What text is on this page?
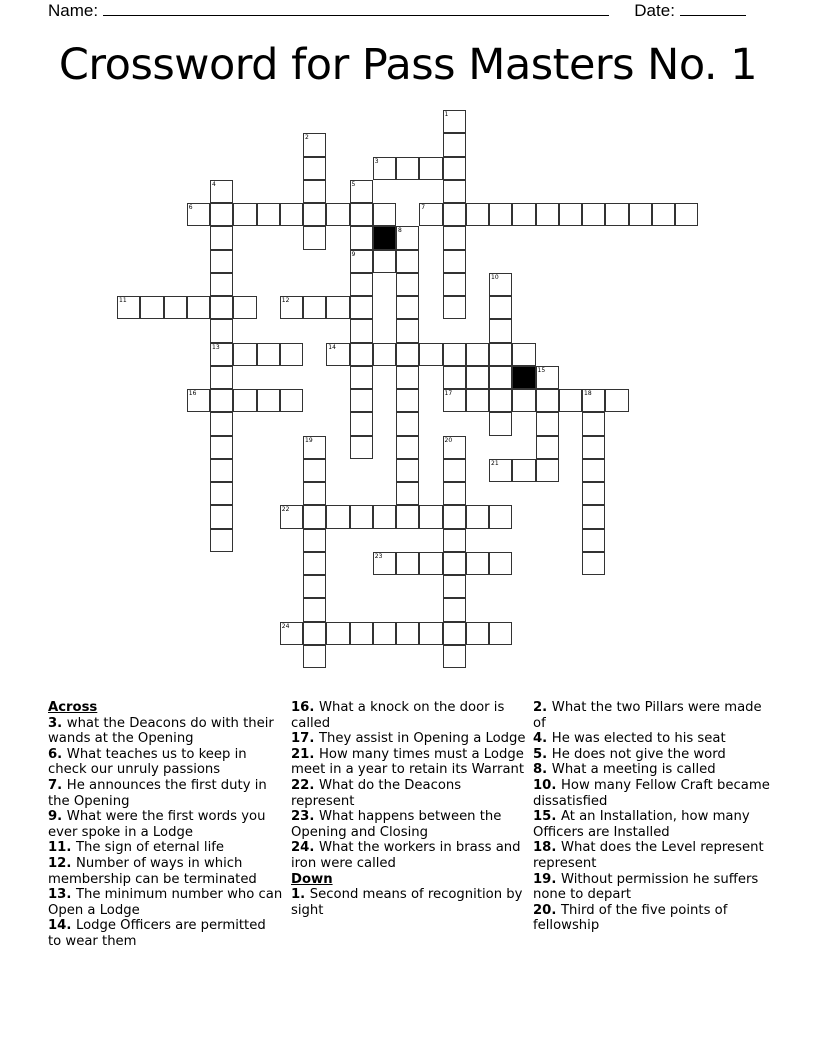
Name:	Date:
Crossword for Pass Masters No. 1
1
2
3
4
13
5
9
6	7
8
10
11	12
14
15
16	17	18
19	20
21
22
23
24
Across
3. what the Deacons do with their wands at the Opening
6. What teaches us to keep in check our unruly passions
7. He announces the first duty in the Opening
9. What were the first words you ever spoke in a Lodge
11. The sign of eternal life
12. Number of ways in which membership can be terminated
13. The minimum number who can Open a Lodge
14. Lodge Officers are permitted to wear them
16. What a knock on the door is called
17. They assist in Opening a Lodge
21. How many times must a Lodge meet in a year to retain its Warrant
22. What do the Deacons represent
23. What happens between the Opening and Closing
24. What the workers in brass and iron were called
Down
1. Second means of recognition by sight
2. What the two Pillars were made of
4. He was elected to his seat
5. He does not give the word
8. What a meeting is called
10. How many Fellow Craft became dissatisfied
15. At an Installation, how many Officers are Installed
18. What does the Level represent represent
19. Without permission he suffers none to depart
20. Third of the five points of fellowship
